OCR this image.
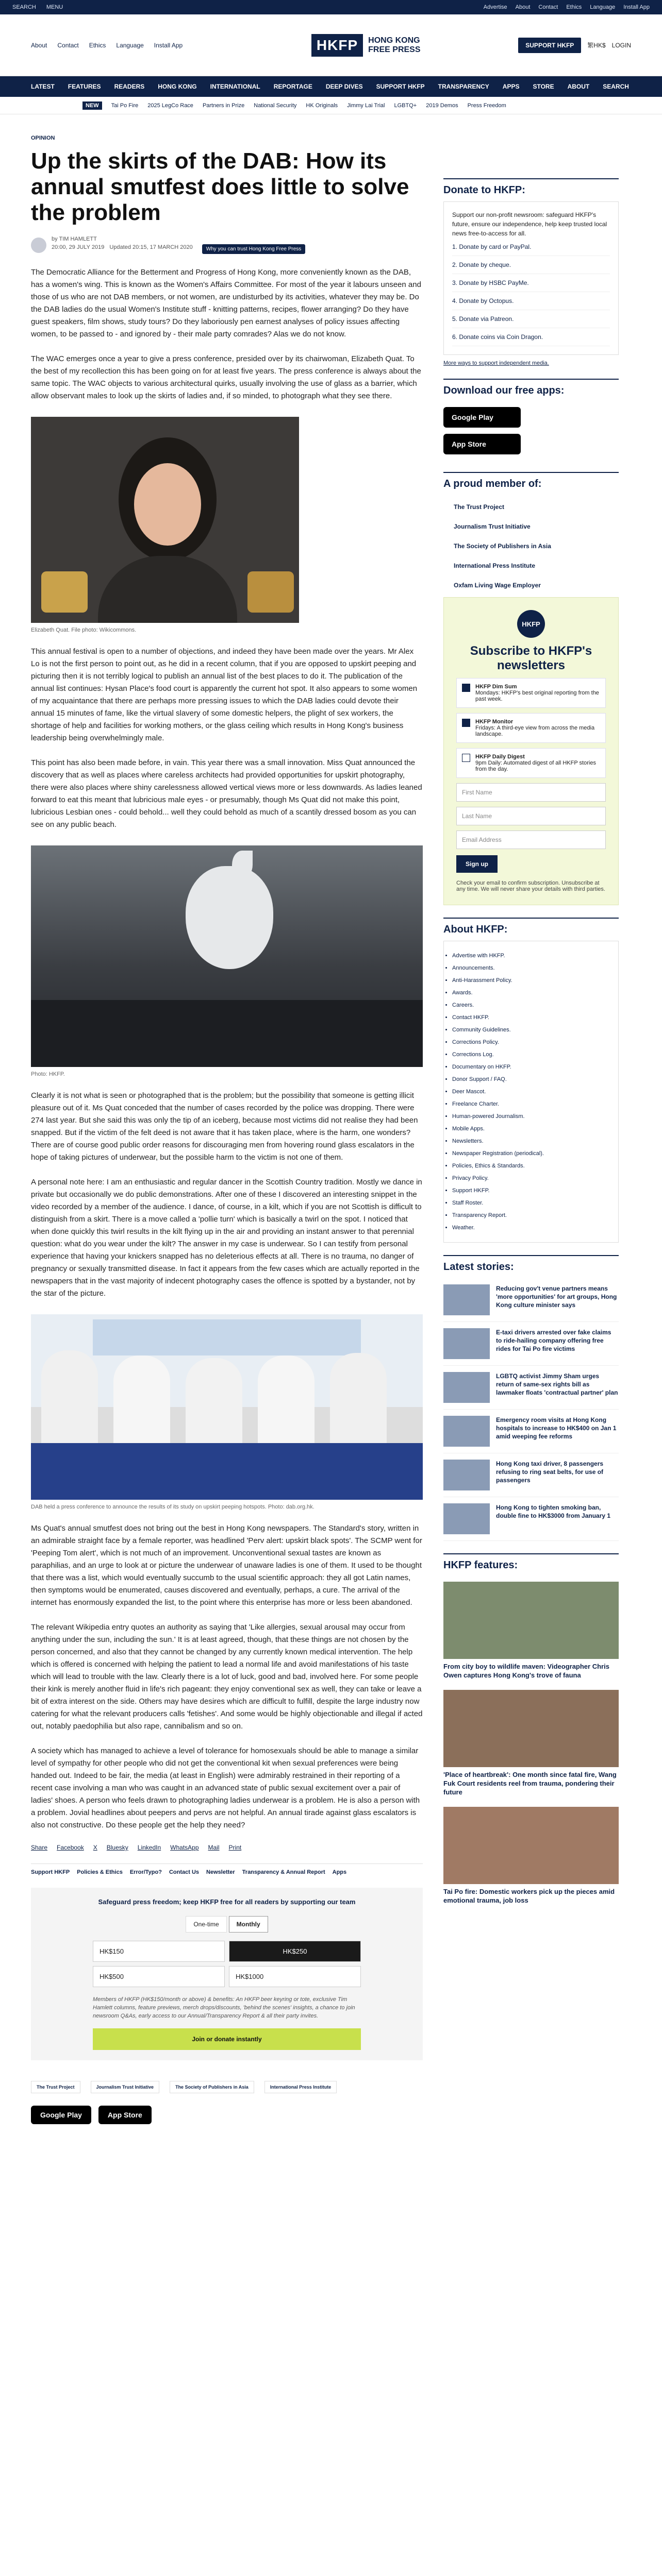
SEARCH MENU	Advertise About Contact Ethics Language Install App
About Contact Ethics Language Install App	HKFP	HONG KONG
FREE PRESS	SUPPORT HKFP	繁HK$ LOGIN
LATEST FEATURES READERS HONG KONG INTERNATIONAL REPORTAGE DEEP DIVES SUPPORT HKFP TRANSPARENCY APPS STORE ABOUT SEARCH
NEW	Tai Po Fire 2025 LegCo Race Partners in Prize National Security HK Originals Jimmy Lai Trial LGBTQ+ 2019 Demos Press Freedom
OPINION
Up the skirts of the DAB: How its annual smutfest does little to solve the problem
by TIM HAMLETT
20:00, 29 JULY 2019 Updated 20:15, 17 MARCH 2020	Why you can trust Hong Kong Free Press

The Democratic Alliance for the Betterment and Progress of Hong Kong, more conveniently known as the DAB, has a women's wing. This is known as the Women's Affairs Committee. For most of the year it labours unseen and those of us who are not DAB members, or not women, are undisturbed by its activities, whatever they may be. Do the DAB ladies do the usual Women's Institute stuff - knitting patterns, recipes, flower arranging? Do they have guest speakers, film shows, study tours? Do they laboriously pen earnest analyses of policy issues affecting women, to be passed to - and ignored by - their male party comrades? Alas we do not know.

The WAC emerges once a year to give a press conference, presided over by its chairwoman, Elizabeth Quat. To the best of my recollection this has been going on for at least five years. The press conference is always about the same topic. The WAC objects to various architectural quirks, usually involving the use of glass as a barrier, which allow observant males to look up the skirts of ladies and, if so minded, to photograph what they see there.

Elizabeth Quat. File photo: Wikicommons.

This annual festival is open to a number of objections, and indeed they have been made over the years. Mr Alex Lo is not the first person to point out, as he did in a recent column, that if you are opposed to upskirt peeping and picturing then it is not terribly logical to publish an annual list of the best places to do it. The publication of the annual list continues: Hysan Place's food court is apparently the current hot spot. It also appears to some women of my acquaintance that there are perhaps more pressing issues to which the DAB ladies could devote their annual 15 minutes of fame, like the virtual slavery of some domestic helpers, the plight of sex workers, the shortage of help and facilities for working mothers, or the glass ceiling which results in Hong Kong's business leadership being overwhelmingly male.

This point has also been made before, in vain. This year there was a small innovation. Miss Quat announced the discovery that as well as places where careless architects had provided opportunities for upskirt photography, there were also places where shiny carelessness allowed vertical views more or less downwards. As ladies leaned forward to eat this meant that lubricious male eyes - or presumably, though Ms Quat did not make this point, lubricious Lesbian ones - could behold... well they could behold as much of a scantily dressed bosom as you can see on any public beach.

Photo: HKFP.

Clearly it is not what is seen or photographed that is the problem; but the possibility that someone is getting illicit pleasure out of it. Ms Quat conceded that the number of cases recorded by the police was dropping. There were 274 last year. But she said this was only the tip of an iceberg, because most victims did not realise they had been snapped. But if the victim of the felt deed is not aware that it has taken place, where is the harm, one wonders? There are of course good public order reasons for discouraging men from hovering round glass escalators in the hope of taking pictures of underwear, but the possible harm to the victim is not one of them.

A personal note here: I am an enthusiastic and regular dancer in the Scottish Country tradition. Mostly we dance in private but occasionally we do public demonstrations. After one of these I discovered an interesting snippet in the video recorded by a member of the audience. I dance, of course, in a kilt, which if you are not Scottish is difficult to distinguish from a skirt. There is a move called a 'pollie turn' which is basically a twirl on the spot. I noticed that when done quickly this twirl results in the kilt flying up in the air and providing an instant answer to that perennial question: what do you wear under the kilt? The answer in my case is underwear. So I can testify from personal experience that having your knickers snapped has no deleterious effects at all. There is no trauma, no danger of pregnancy or sexually transmitted disease. In fact it appears from the few cases which are actually reported in the newspapers that in the vast majority of indecent photography cases the offence is spotted by a bystander, not by the star of the picture.

DAB held a press conference to announce the results of its study on upskirt peeping hotspots. Photo: dab.org.hk.

Ms Quat's annual smutfest does not bring out the best in Hong Kong newspapers. The Standard's story, written in an admirable straight face by a female reporter, was headlined 'Perv alert: upskirt black spots'. The SCMP went for 'Peeping Tom alert', which is not much of an improvement. Unconventional sexual tastes are known as paraphilias, and an urge to look at or picture the underwear of unaware ladies is one of them. It used to be thought that there was a list, which would eventually succumb to the usual scientific approach: they all got Latin names, then symptoms would be enumerated, causes discovered and eventually, perhaps, a cure. The arrival of the internet has enormously expanded the list, to the point where this enterprise has more or less been abandoned.

The relevant Wikipedia entry quotes an authority as saying that 'Like allergies, sexual arousal may occur from anything under the sun, including the sun.' It is at least agreed, though, that these things are not chosen by the person concerned, and also that they cannot be changed by any currently known medical intervention. The help which is offered is concerned with helping the patient to lead a normal life and avoid manifestations of his taste which will lead to trouble with the law. Clearly there is a lot of luck, good and bad, involved here. For some people their kink is merely another fluid in life's rich pageant: they enjoy conventional sex as well, they can take or leave a bit of extra interest on the side. Others may have desires which are difficult to fulfill, despite the large industry now catering for what the relevant producers calls 'fetishes'. And some would be highly objectionable and illegal if acted out, notably paedophilia but also rape, cannibalism and so on.

A society which has managed to achieve a level of tolerance for homosexuals should be able to manage a similar level of sympathy for other people who did not get the conventional kit when sexual preferences were being handed out. Indeed to be fair, the media (at least in English) were admirably restrained in their reporting of a recent case involving a man who was caught in an advanced state of public sexual excitement over a pair of ladies' shoes. A person who feels drawn to photographing ladies underwear is a problem. He is also a person with a problem. Jovial headlines about peepers and pervs are not helpful. An annual tirade against glass escalators is also not constructive. Do these people get the help they need?

Share Facebook X Bluesky LinkedIn WhatsApp Mail Print
Support HKFP Policies & Ethics Error/Typo? Contact Us Newsletter Transparency & Annual Report Apps
Safeguard press freedom; keep HKFP free for all readers by supporting our team
One-time	Monthly
HK$150	HK$250
HK$500	HK$1000
Members of HKFP (HK$150/month or above) & benefits: An HKFP beer keyring or tote, exclusive Tim Hamlett columns, feature previews, merch drops/discounts, 'behind the scenes' insights, a chance to join newsroom Q&As, early access to our Annual/Transparency Report & all their party invites.
Join or donate instantly
The Trust Project	Journalism Trust Initiative	The Society of Publishers in Asia	International Press Institute
Google Play	App Store
Donate to HKFP:
Support our non-profit newsroom: safeguard HKFP's future, ensure our independence, help keep trusted local news free-to-access for all.
1. Donate by card or PayPal.
2. Donate by cheque.
3. Donate by HSBC PayMe.
4. Donate by Octopus.
5. Donate via Patreon.
6. Donate coins via Coin Dragon.
More ways to support independent media.
Download our free apps:
Google Play
App Store
A proud member of:
The Trust Project
Journalism Trust Initiative
The Society of Publishers in Asia
International Press Institute
Oxfam Living Wage Employer
HKFP
Subscribe to HKFP's newsletters
HKFP Dim Sum
Mondays: HKFP's best original reporting from the past week.
HKFP Monitor
Fridays: A third-eye view from across the media landscape.
HKFP Daily Digest
9pm Daily: Automated digest of all HKFP stories from the day.
First Name
Last Name
Email Address
Sign up
Check your email to confirm subscription. Unsubscribe at any time. We will never share your details with third parties.
About HKFP:
• Advertise with HKFP.
• Announcements.
• Anti-Harassment Policy.
• Awards.
• Careers.
• Contact HKFP.
• Community Guidelines.
• Corrections Policy.
• Corrections Log.
• Documentary on HKFP.
• Donor Support / FAQ.
• Deer Mascot.
• Freelance Charter.
• Human-powered Journalism.
• Mobile Apps.
• Newsletters.
• Newspaper Registration (periodical).
• Policies, Ethics & Standards.
• Privacy Policy.
• Support HKFP.
• Staff Roster.
• Transparency Report.
• Weather.
Latest stories:
Reducing gov't venue partners means 'more opportunities' for art groups, Hong Kong culture minister says
E-taxi drivers arrested over fake claims to ride-hailing company offering free rides for Tai Po fire victims
LGBTQ activist Jimmy Sham urges return of same-sex rights bill as lawmaker floats 'contractual partner' plan
Emergency room visits at Hong Kong hospitals to increase to HK$400 on Jan 1 amid weeping fee reforms
Hong Kong taxi driver, 8 passengers refusing to ring seat belts, for use of passengers
Hong Kong to tighten smoking ban, double fine to HK$3000 from January 1
HKFP features:
From city boy to wildlife maven: Videographer Chris Owen captures Hong Kong's trove of fauna
'Place of heartbreak': One month since fatal fire, Wang Fuk Court residents reel from trauma, pondering their future
Tai Po fire: Domestic workers pick up the pieces amid emotional trauma, job loss
